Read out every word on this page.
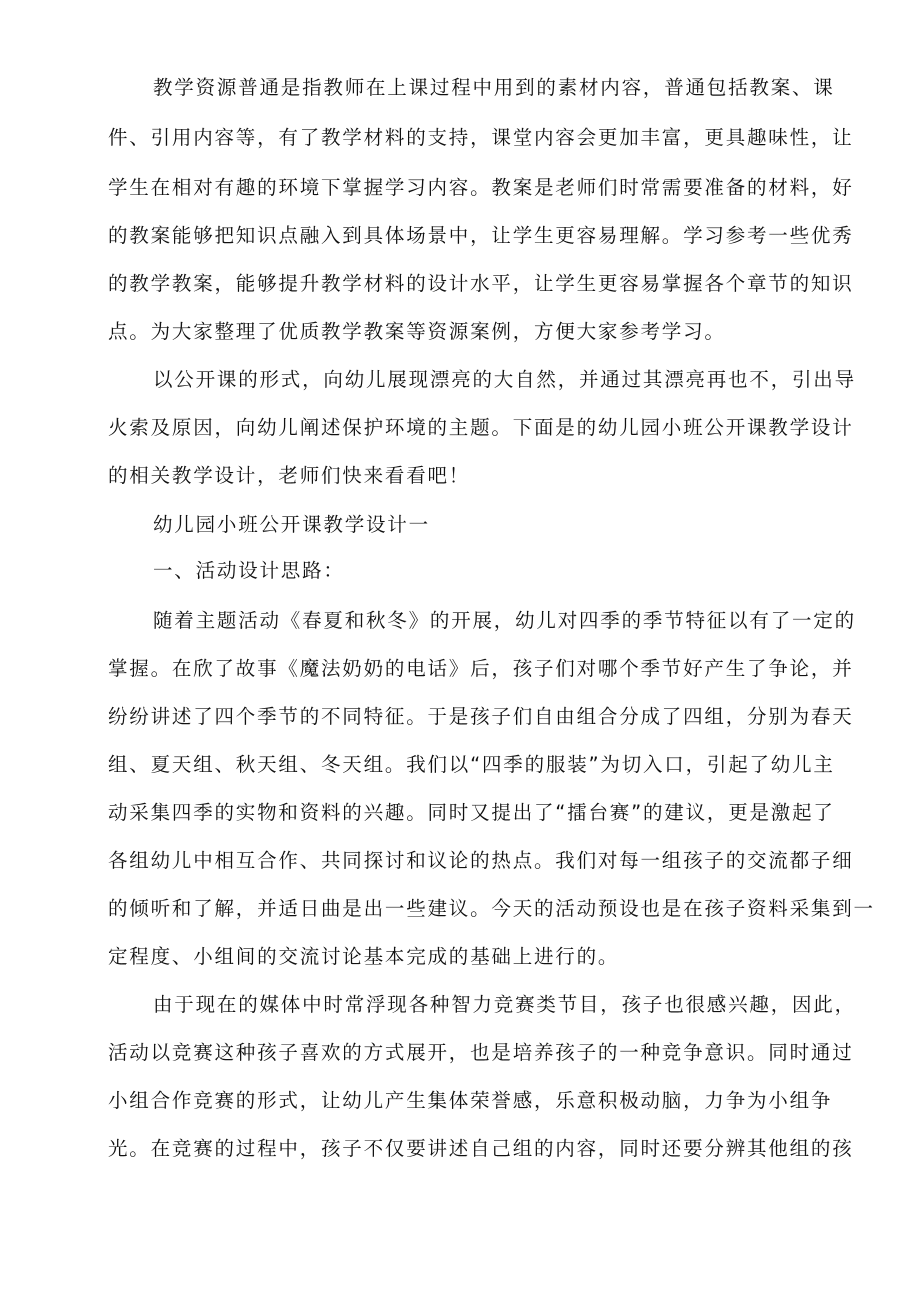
教学资源普通是指教师在上课过程中用到的素材内容，普通包括教案、课
件、引用内容等，有了教学材料的支持，课堂内容会更加丰富，更具趣味性，让
学生在相对有趣的环境下掌握学习内容。教案是老师们时常需要准备的材料，好
的教案能够把知识点融入到具体场景中，让学生更容易理解。学习参考一些优秀
的教学教案，能够提升教学材料的设计水平，让学生更容易掌握各个章节的知识
点。为大家整理了优质教学教案等资源案例，方便大家参考学习。
以公开课的形式，向幼儿展现漂亮的大自然，并通过其漂亮再也不，引出导
火索及原因，向幼儿阐述保护环境的主题。下面是的幼儿园小班公开课教学设计
的相关教学设计，老师们快来看看吧！
幼儿园小班公开课教学设计一
一、活动设计思路：
随着主题活动《春夏和秋冬》的开展，幼儿对四季的季节特征以有了一定的
掌握。在欣了故事《魔法奶奶的电话》后，孩子们对哪个季节好产生了争论，并
纷纷讲述了四个季节的不同特征。于是孩子们自由组合分成了四组，分别为春天
组、夏天组、秋天组、冬天组。我们以“四季的服装”为切入口，引起了幼儿主
动采集四季的实物和资料的兴趣。同时又提出了“擂台赛”的建议，更是激起了
各组幼儿中相互合作、共同探讨和议论的热点。我们对每一组孩子的交流都子细
的倾听和了解，并适日曲是出一些建议。今天的活动预设也是在孩子资料采集到一
定程度、小组间的交流讨论基本完成的基础上进行的。
由于现在的媒体中时常浮现各种智力竞赛类节目，孩子也很感兴趣，因此，
活动以竞赛这种孩子喜欢的方式展开，也是培养孩子的一种竞争意识。同时通过
小组合作竞赛的形式，让幼儿产生集体荣誉感，乐意积极动脑，力争为小组争
光。在竞赛的过程中，孩子不仅要讲述自己组的内容，同时还要分辨其他组的孩
